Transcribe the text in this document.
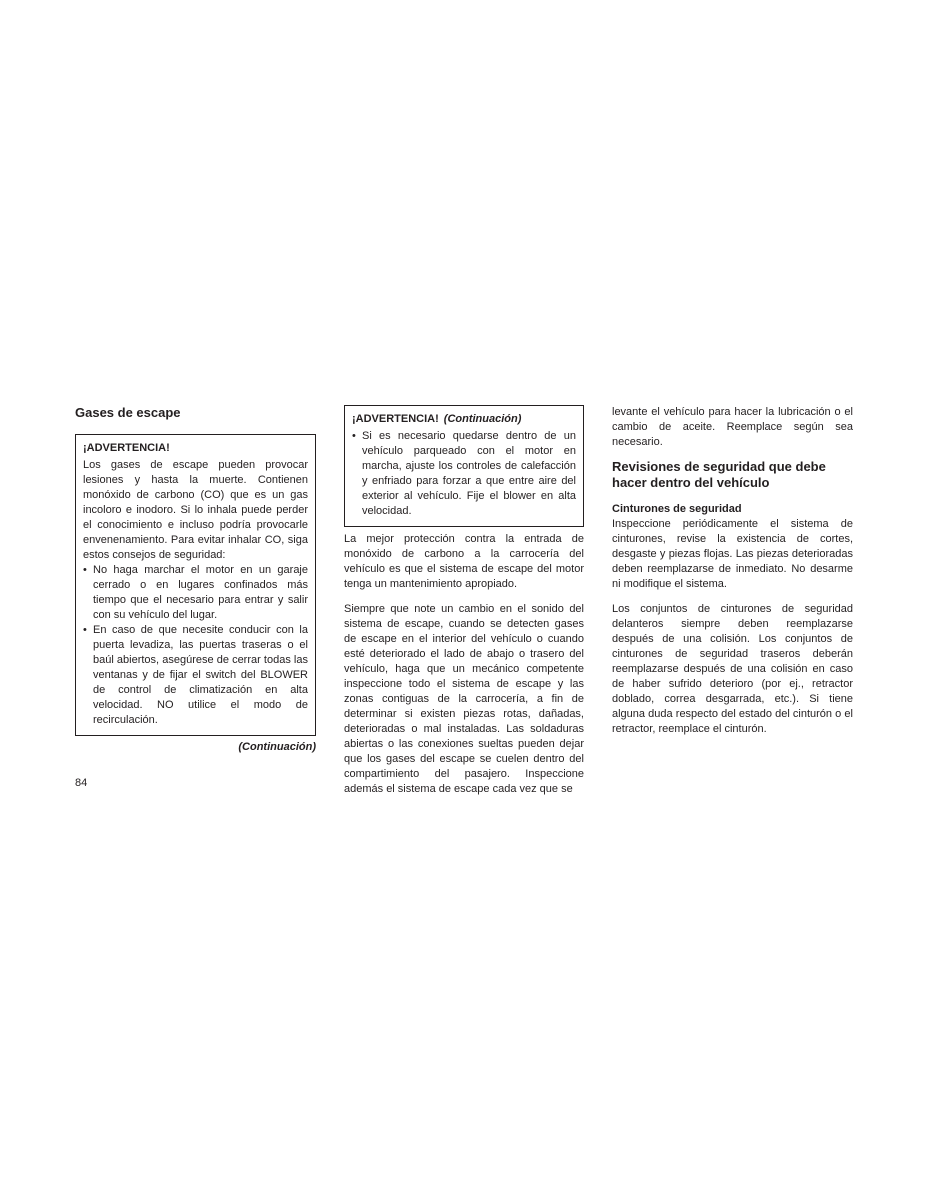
Gases de escape
¡ADVERTENCIA!

Los gases de escape pueden provocar lesiones y hasta la muerte. Contienen monóxido de carbono (CO) que es un gas incoloro e inodoro. Si lo inhala puede perder el conocimiento e incluso podría provocarle envenenamiento. Para evitar inhalar CO, siga estos consejos de seguridad:

• No haga marchar el motor en un garaje cerrado o en lugares confinados más tiempo que el necesario para entrar y salir con su vehículo del lugar.
• En caso de que necesite conducir con la puerta levadiza, las puertas traseras o el baúl abiertos, asegúrese de cerrar todas las ventanas y de fijar el switch del BLOWER de control de climatización en alta velocidad. NO utilice el modo de recirculación.
(Continuación)
¡ADVERTENCIA! (Continuación)
• Si es necesario quedarse dentro de un vehículo parqueado con el motor en marcha, ajuste los controles de calefacción y enfriado para forzar a que entre aire del exterior al vehículo. Fije el blower en alta velocidad.

La mejor protección contra la entrada de monóxido de carbono a la carrocería del vehículo es que el sistema de escape del motor tenga un mantenimiento apropiado.

Siempre que note un cambio en el sonido del sistema de escape, cuando se detecten gases de escape en el interior del vehículo o cuando esté deteriorado el lado de abajo o trasero del vehículo, haga que un mecánico competente inspeccione todo el sistema de escape y las zonas contiguas de la carrocería, a fin de determinar si existen piezas rotas, dañadas, deterioradas o mal instaladas. Las soldaduras abiertas o las conexiones sueltas pueden dejar que los gases del escape se cuelen dentro del compartimiento del pasajero. Inspeccione además el sistema de escape cada vez que se

levante el vehículo para hacer la lubricación o el cambio de aceite. Reemplace según sea necesario.

Revisiones de seguridad que debe hacer dentro del vehículo
Cinturones de seguridad

Inspeccione periódicamente el sistema de cinturones, revise la existencia de cortes, desgaste y piezas flojas. Las piezas deterioradas deben reemplazarse de inmediato. No desarme ni modifique el sistema.

Los conjuntos de cinturones de seguridad delanteros siempre deben reemplazarse después de una colisión. Los conjuntos de cinturones de seguridad traseros deberán reemplazarse después de una colisión en caso de haber sufrido deterioro (por ej., retractor doblado, correa desgarrada, etc.). Si tiene alguna duda respecto del estado del cinturón o el retractor, reemplace el cinturón.

84
